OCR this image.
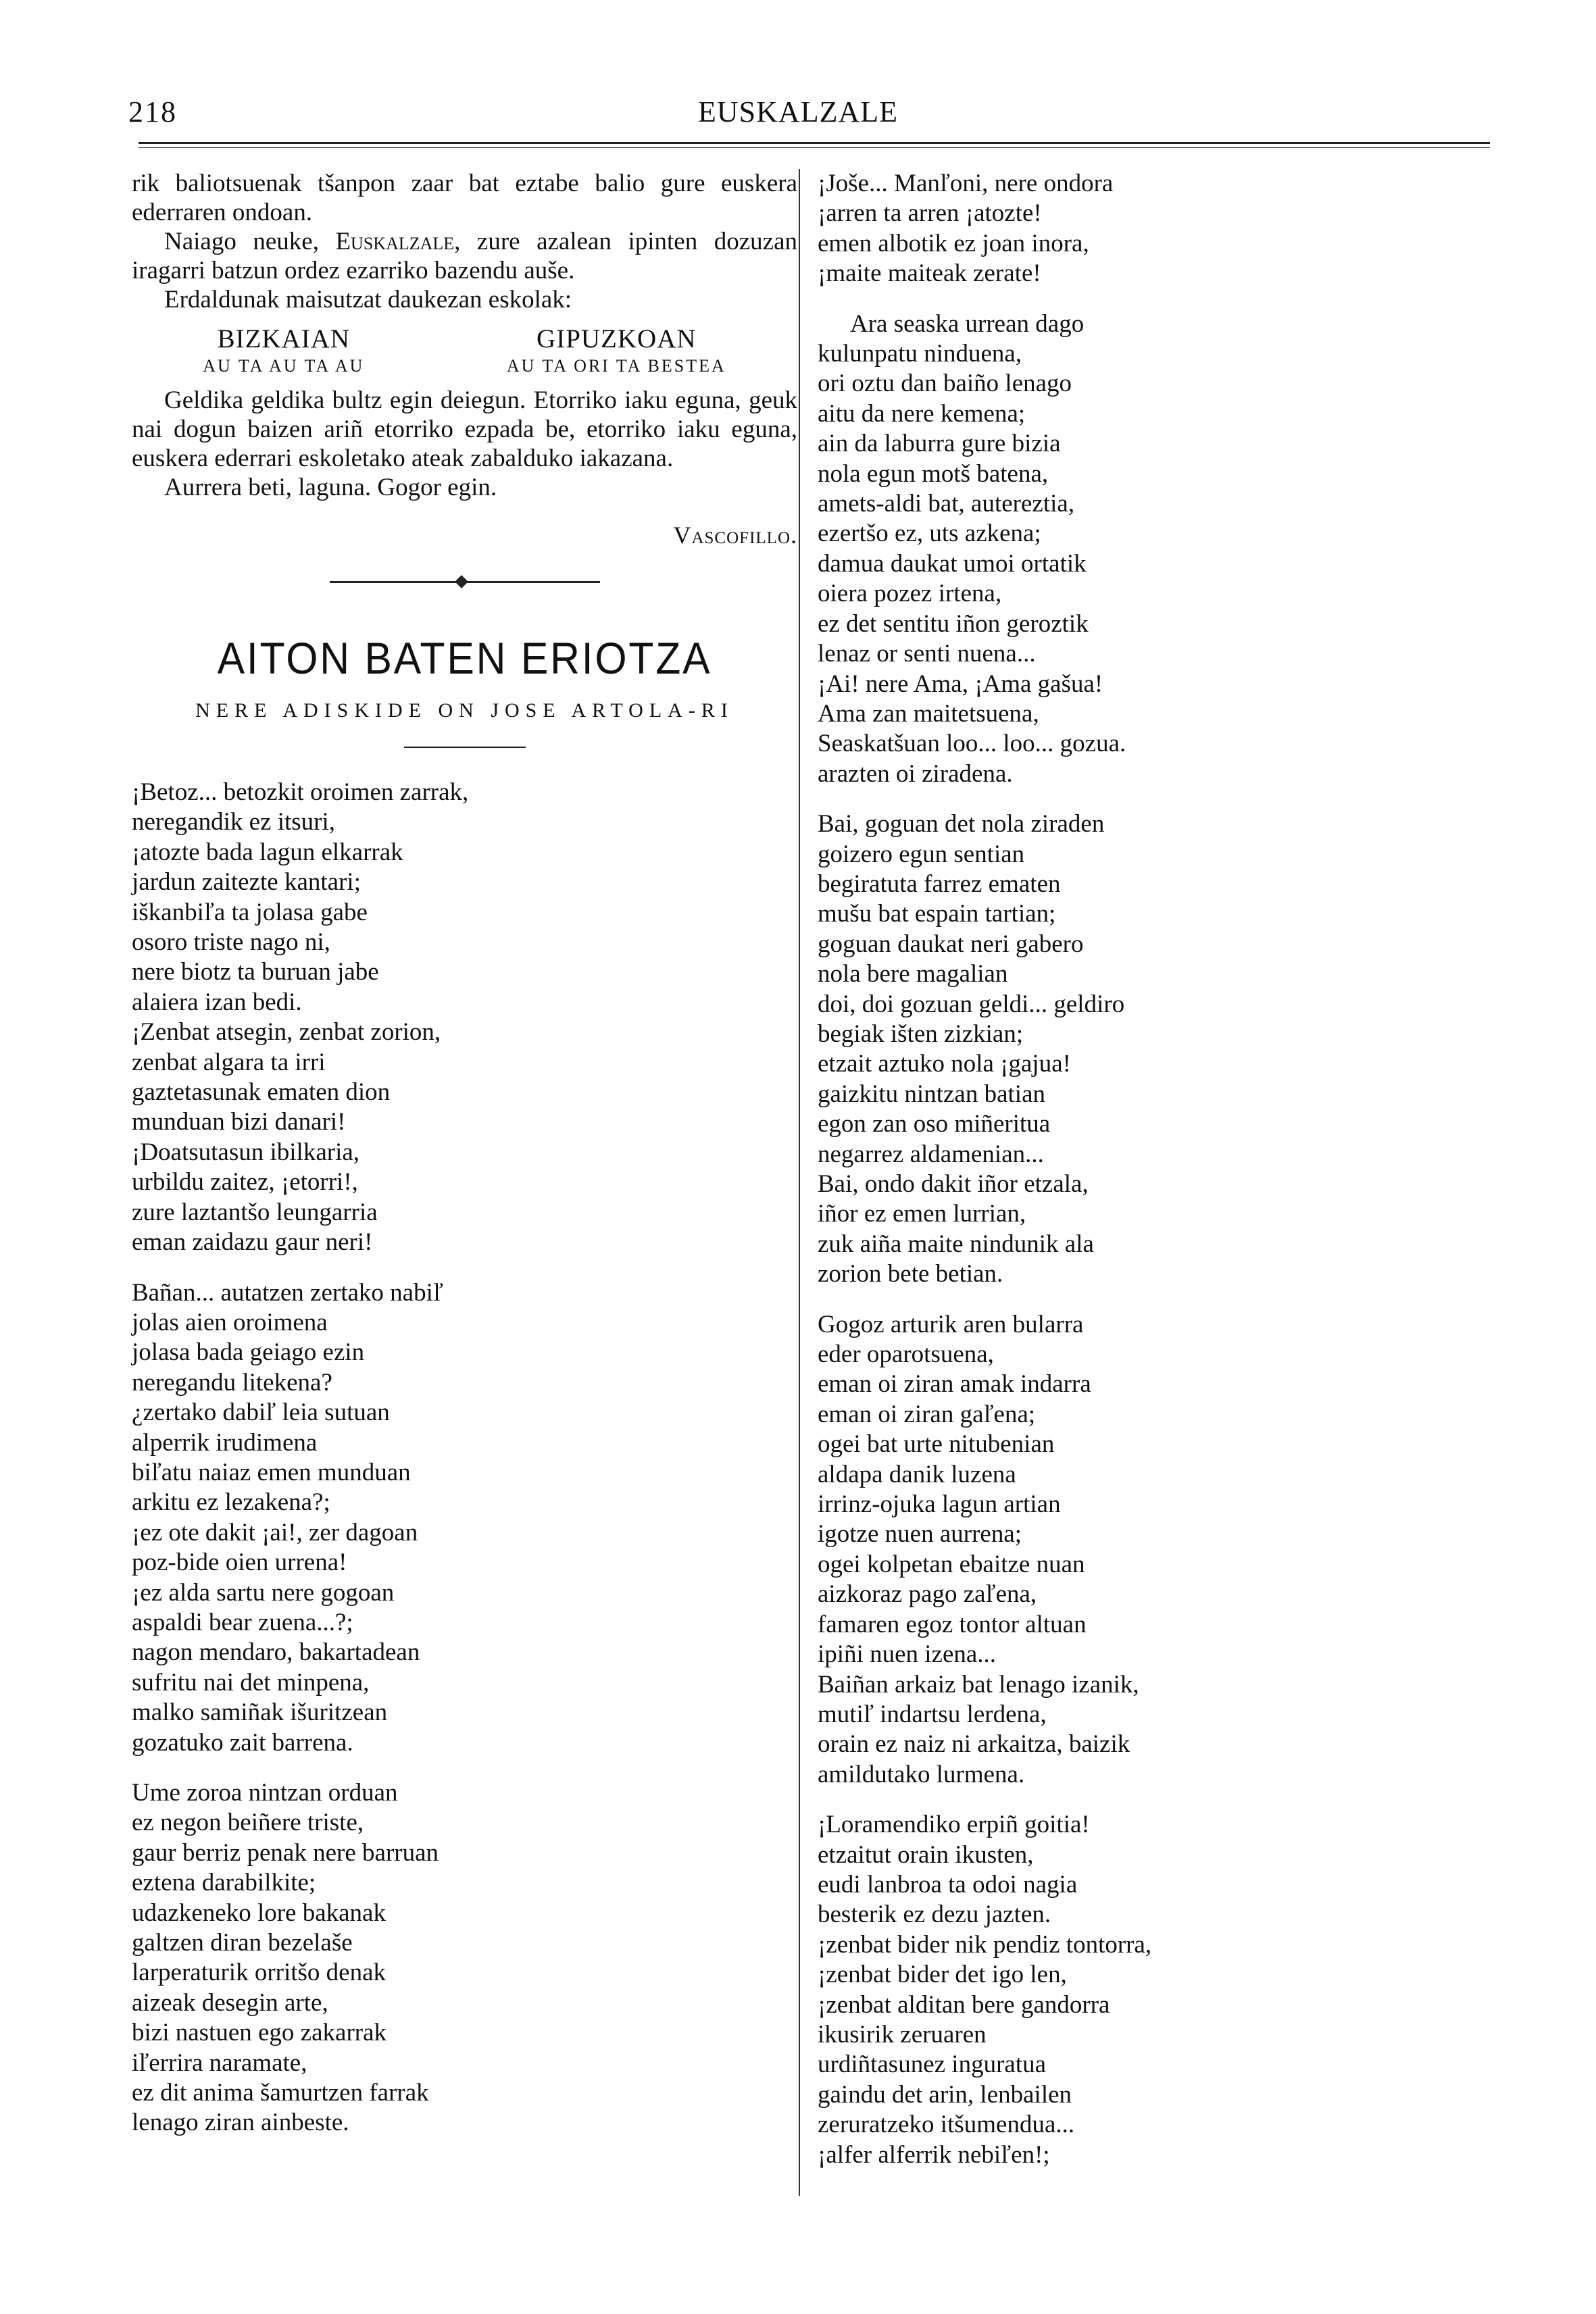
218	EUSKALZALE

rik baliotsuenak tšanpon zaar bat eztabe balio gure euskera ederraren ondoan.

Naiago neuke, Euskalzale, zure azalean ipinten dozuzan iragarri batzun ordez ezarriko bazendu auše.

Erdaldunak maisutzat daukezan eskolak:

BIZKAIAN
AU TA AU TA AU
GIPUZKOAN
AU TA ORI TA BESTEA

Geldika geldika bultz egin deiegun. Etorriko iaku eguna, geuk nai dogun baizen ariñ etorriko ezpada be, etorriko iaku eguna, euskera ederrari eskoletako ateak zabalduko iakazana.

Aurrera beti, laguna. Gogor egin.

Vascofillo.
AITON BATEN ERIOTZA
NERE ADISKIDE ON JOSE ARTOLA-RI
¡Betoz... betozkit oroimen zarrak,
neregandik ez itsuri,
¡atozte bada lagun elkarrak
jardun zaitezte kantari;
iškanbiľa ta jolasa gabe
osoro triste nago ni,
nere biotz ta buruan jabe
alaiera izan bedi.
¡Zenbat atsegin, zenbat zorion,
zenbat algara ta irri
gaztetasunak ematen dion
munduan bizi danari!
¡Doatsutasun ibilkaria,
urbildu zaitez, ¡etorri!,
zure laztantšo leungarria
eman zaidazu gaur neri!
Bañan... autatzen zertako nabiľ
jolas aien oroimena
jolasa bada geiago ezin
neregandu litekena?
¿zertako dabiľ leia sutuan
alperrik irudimena
biľatu naiaz emen munduan
arkitu ez lezakena?;
¡ez ote dakit ¡ai!, zer dagoan
poz-bide oien urrena!
¡ez alda sartu nere gogoan
aspaldi bear zuena...?;
nagon mendaro, bakartadean
sufritu nai det minpena,
malko samiñak išuritzean
gozatuko zait barrena.
Ume zoroa nintzan orduan
ez negon beiñere triste,
gaur berriz penak nere barruan
eztena darabilkite;
udazkeneko lore bakanak
galtzen diran bezelaše
larperaturik orritšo denak
aizeak desegin arte,
bizi nastuen ego zakarrak
iľerrira naramate,
ez dit anima šamurtzen farrak
lenago ziran ainbeste.
¡Jošе... Manľoni, nere ondora
¡arren ta arren ¡atozte!
emen albotik ez joan inora,
¡maite maiteak zerate!
Ara seaska urrean dago
kulunpatu ninduena,
ori oztu dan baiño lenago
aitu da nere kemena;
ain da laburra gure bizia
nola egun motš batena,
amets-aldi bat, autereztia,
ezertšo ez, uts azkena;
damua daukat umoi ortatik
oiera pozez irtena,
ez det sentitu iñon geroztik
lenaz or senti nuena...
¡Ai! nere Ama, ¡Ama gašua!
Ama zan maitetsuena,
Seaskatšuan loo... loo... gozua.
arazten oi ziradena.
Bai, goguan det nola ziraden
goizero egun sentian
begiratuta farrez ematen
mušu bat espain tartian;
goguan daukat neri gabero
nola bere magalian
doi, doi gozuan geldi... geldiro
begiak išten zizkian;
etzait aztuko nola ¡gajua!
gaizkitu nintzan batian
egon zan oso miñeritua
negarrez aldamenian...
Bai, ondo dakit iñor etzala,
iñor ez emen lurrian,
zuk aiña maite nindunik ala
zorion bete betian.
Gogoz arturik aren bularra
eder oparotsuena,
eman oi ziran amak indarra
eman oi ziran gaľena;
ogei bat urte nitubenian
aldapa danik luzena
irrinz-ojuka lagun artian
igotze nuen aurrena;
ogei kolpetan ebaitze nuan
aizkoraz pago zaľena,
famaren egoz tontor altuan
ipiñi nuen izena...
Baiñan arkaiz bat lenago izanik,
mutiľ indartsu lerdena,
orain ez naiz ni arkaitza, baizik
amildutako lurmena.
¡Loramendiko erpiñ goitia!
etzaitut orain ikusten,
eudi lanbroa ta odoi nagia
besterik ez dezu jazten.
¡zenbat bider nik pendiz tontorra,
¡zenbat bider det igo len,
¡zenbat alditan bere gandorra
ikusirik zeruaren
urdiñtasunez inguratua
gaindu det arin, lenbailen
zeruratzeko itšumendua...
¡alfer alferrik nebiľen!;
